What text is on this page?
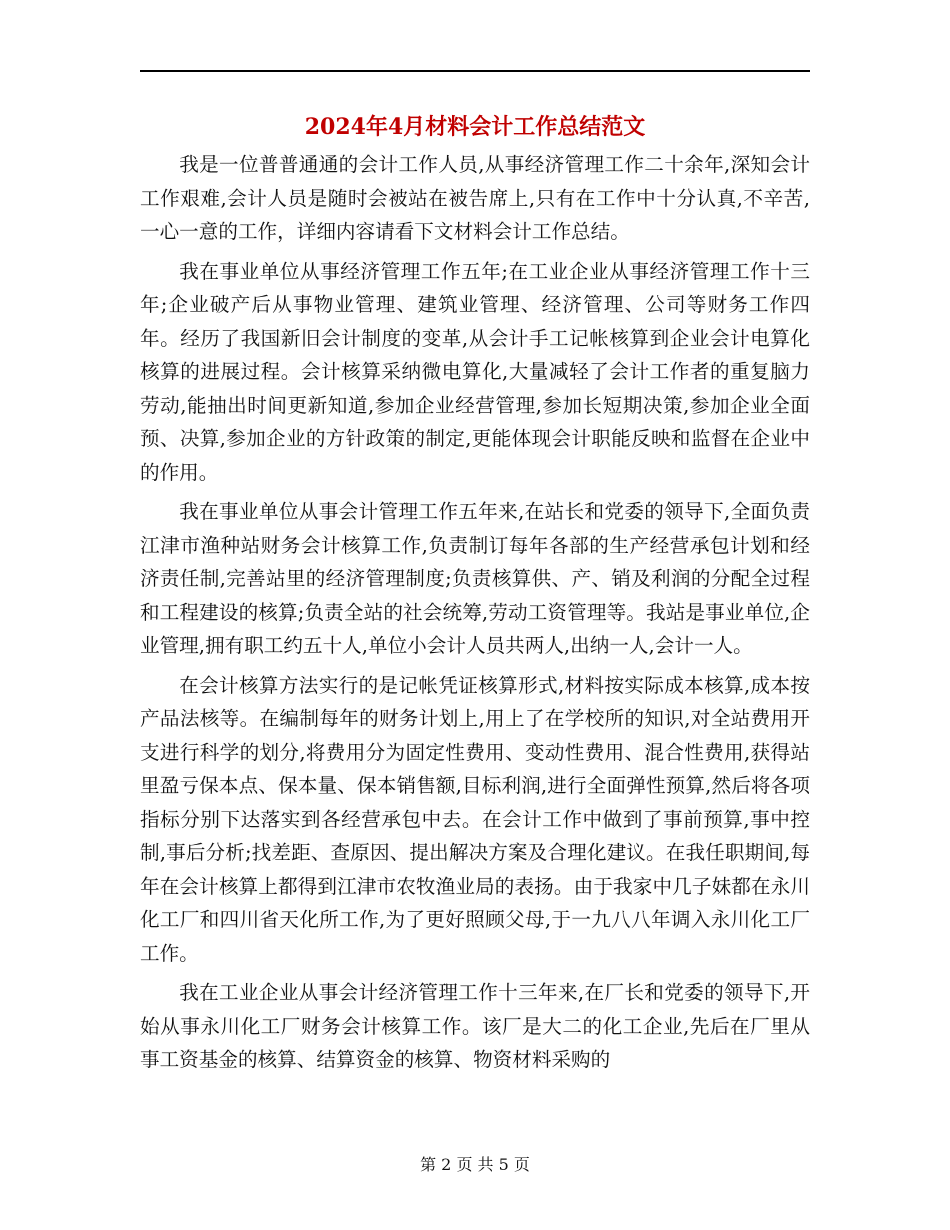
2024年4月材料会计工作总结范文

我是一位普普通通的会计工作人员,从事经济管理工作二十余年,深知会计工作艰难,会计人员是随时会被站在被告席上,只有在工作中十分认真,不辛苦,一心一意的工作，详细内容请看下文材料会计工作总结。

我在事业单位从事经济管理工作五年;在工业企业从事经济管理工作十三年;企业破产后从事物业管理、建筑业管理、经济管理、公司等财务工作四年。经历了我国新旧会计制度的变革,从会计手工记帐核算到企业会计电算化核算的进展过程。会计核算采纳微电算化,大量减轻了会计工作者的重复脑力劳动,能抽出时间更新知道,参加企业经营管理,参加长短期决策,参加企业全面预、决算,参加企业的方针政策的制定,更能体现会计职能反映和监督在企业中的作用。

我在事业单位从事会计管理工作五年来,在站长和党委的领导下,全面负责江津市渔种站财务会计核算工作,负责制订每年各部的生产经营承包计划和经济责任制,完善站里的经济管理制度;负责核算供、产、销及利润的分配全过程和工程建设的核算;负责全站的社会统筹,劳动工资管理等。我站是事业单位,企业管理,拥有职工约五十人,单位小会计人员共两人,出纳一人,会计一人。

在会计核算方法实行的是记帐凭证核算形式,材料按实际成本核算,成本按产品法核等。在编制每年的财务计划上,用上了在学校所的知识,对全站费用开支进行科学的划分,将费用分为固定性费用、变动性费用、混合性费用,获得站里盈亏保本点、保本量、保本销售额,目标利润,进行全面弹性预算,然后将各项指标分别下达落实到各经营承包中去。在会计工作中做到了事前预算,事中控制,事后分析;找差距、查原因、提出解决方案及合理化建议。在我任职期间,每年在会计核算上都得到江津市农牧渔业局的表扬。由于我家中几子妹都在永川化工厂和四川省天化所工作,为了更好照顾父母,于一九八八年调入永川化工厂工作。

我在工业企业从事会计经济管理工作十三年来,在厂长和党委的领导下,开始从事永川化工厂财务会计核算工作。该厂是大二的化工企业,先后在厂里从事工资基金的核算、结算资金的核算、物资材料采购的

第 2 页 共 5 页
